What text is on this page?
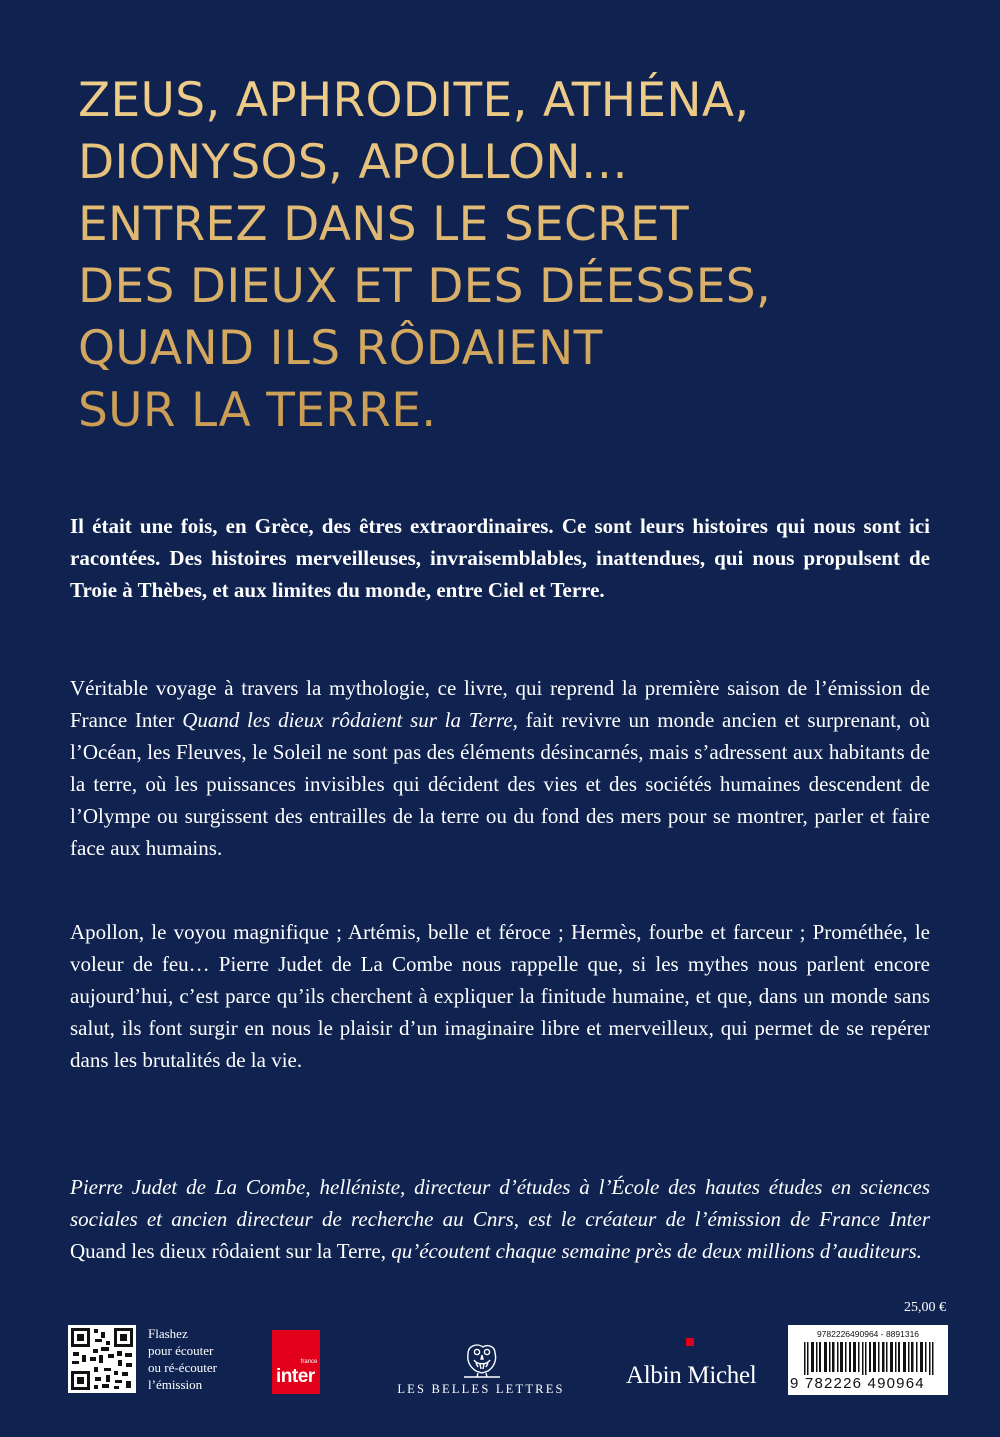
ZEUS, APHRODITE, ATHÉNA,
DIONYSOS, APOLLON…
ENTREZ DANS LE SECRET
DES DIEUX ET DES DÉESSES,
QUAND ILS RÔDAIENT
SUR LA TERRE.

Il était une fois, en Grèce, des êtres extraordinaires. Ce sont leurs histoires qui nous sont ici racontées. Des histoires merveilleuses, invraisemblables, inattendues, qui nous propulsent de Troie à Thèbes, et aux limites du monde, entre Ciel et Terre.

Véritable voyage à travers la mythologie, ce livre, qui reprend la première saison de l’émission de France Inter Quand les dieux rôdaient sur la Terre, fait revivre un monde ancien et surprenant, où l’Océan, les Fleuves, le Soleil ne sont pas des éléments désincarnés, mais s’adressent aux habitants de la terre, où les puissances invisibles qui décident des vies et des sociétés humaines descendent de l’Olympe ou surgissent des entrailles de la terre ou du fond des mers pour se montrer, parler et faire face aux humains.

Apollon, le voyou magnifique ; Artémis, belle et féroce ; Hermès, fourbe et farceur ; Prométhée, le voleur de feu… Pierre Judet de La Combe nous rappelle que, si les mythes nous parlent encore aujourd’hui, c’est parce qu’ils cherchent à expliquer la finitude humaine, et que, dans un monde sans salut, ils font surgir en nous le plaisir d’un imaginaire libre et merveilleux, qui permet de se repérer dans les brutalités de la vie.

Pierre Judet de La Combe, helléniste, directeur d’études à l’École des hautes études en sciences sociales et ancien directeur de recherche au Cnrs, est le créateur de l’émission de France Inter Quand les dieux rôdaient sur la Terre, qu’écoutent chaque semaine près de deux millions d’auditeurs.

25,00 €
Flashez
pour écouter
ou ré-écouter
l’émission
france
inter
LES BELLES LETTRES	Albin Michel
9782226490964 - 8891316
9 782226 490964
